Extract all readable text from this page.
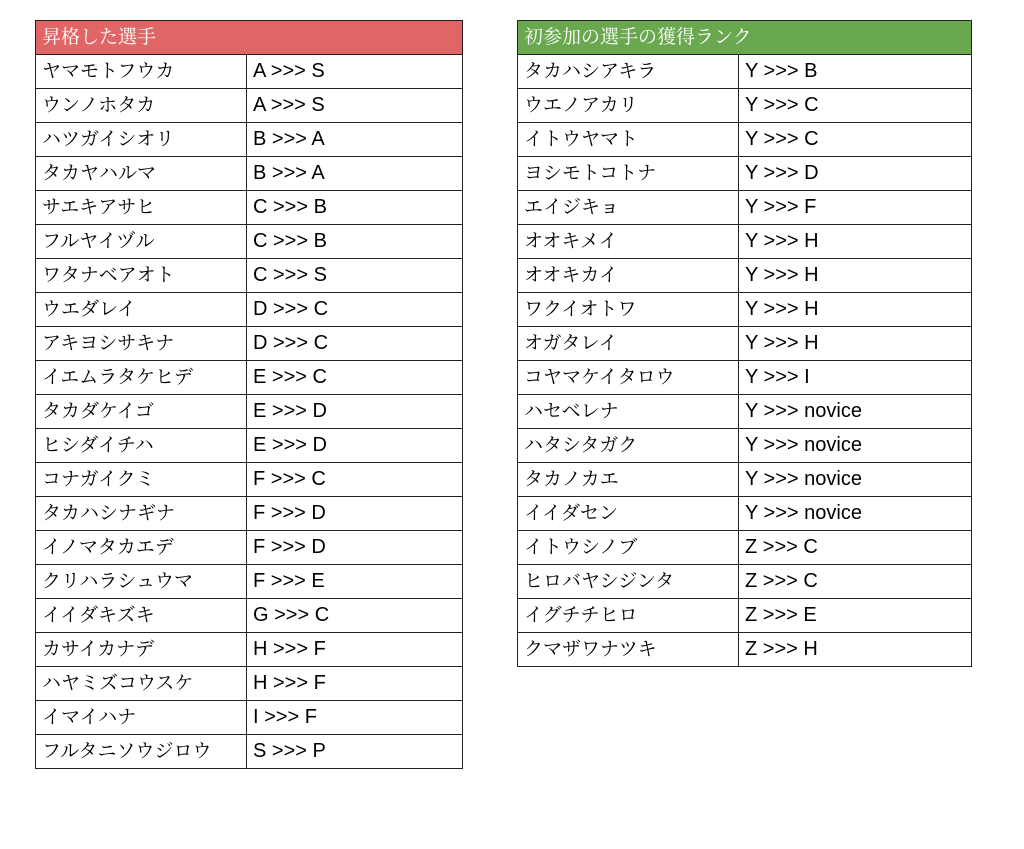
昇格した選手	
ヤマモトフウカ	A >>> S
ウンノホタカ	A >>> S
ハツガイシオリ	B >>> A
タカヤハルマ	B >>> A
サエキアサヒ	C >>> B
フルヤイヅル	C >>> B
ワタナベアオト	C >>> S
ウエダレイ	D >>> C
アキヨシサキナ	D >>> C
イエムラタケヒデ	E >>> C
タカダケイゴ	E >>> D
ヒシダイチハ	E >>> D
コナガイクミ	F >>> C
タカハシナギナ	F >>> D
イノマタカエデ	F >>> D
クリハラシュウマ	F >>> E
イイダキズキ	G >>> C
カサイカナデ	H >>> F
ハヤミズコウスケ	H >>> F
イマイハナ	I >>> F
フルタニソウジロウ	S >>> P
初参加の選手の獲得ランク	
タカハシアキラ	Y >>> B
ウエノアカリ	Y >>> C
イトウヤマト	Y >>> C
ヨシモトコトナ	Y >>> D
エイジキョ	Y >>> F
オオキメイ	Y >>> H
オオキカイ	Y >>> H
ワクイオトワ	Y >>> H
オガタレイ	Y >>> H
コヤマケイタロウ	Y >>> I
ハセベレナ	Y >>> novice
ハタシタガク	Y >>> novice
タカノカエ	Y >>> novice
イイダセン	Y >>> novice
イトウシノブ	Z >>> C
ヒロバヤシジンタ	Z >>> C
イグチチヒロ	Z >>> E
クマザワナツキ	Z >>> H
